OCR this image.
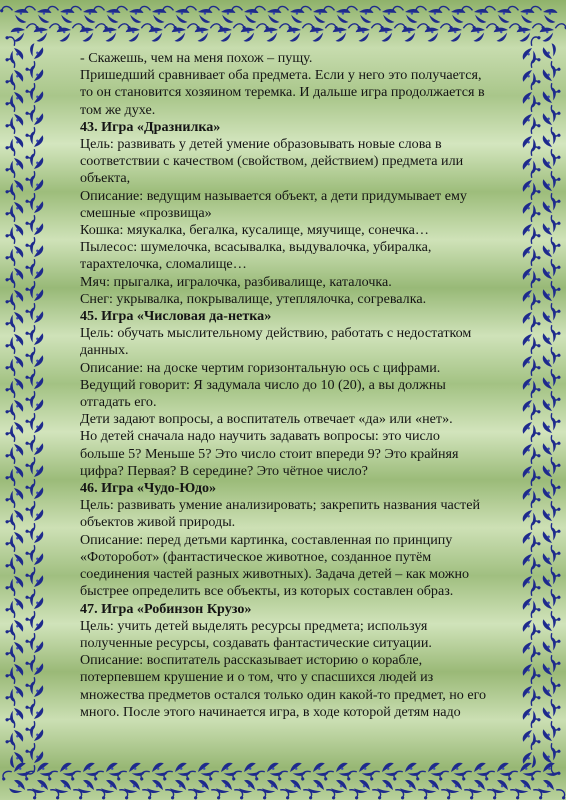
- Скажешь, чем на меня похож – пущу.

Пришедший сравнивает оба предмета. Если у него это получается,

то он становится хозяином теремка. И дальше игра продолжается в

том же духе.

43. Игра «Дразнилка»

Цель: развивать у детей умение образовывать новые слова в

соответствии с качеством (свойством, действием) предмета или

объекта,

Описание: ведущим называется объект, а дети придумывает ему

смешные «прозвища»

Кошка: мяукалка, бегалка, кусалище, мяучище, сонечка…

Пылесос: шумелочка, всасывалка, выдувалочка, убиралка,

тарахтелочка, сломалище…

Мяч: прыгалка, игралочка, разбивалище, каталочка.

Снег: укрывалка, покрывалище, утеплялочка, согревалка.

45. Игра «Числовая да-нетка»

Цель: обучать мыслительному действию, работать с недостатком

данных.

Описание: на доске чертим горизонтальную ось с цифрами.

Ведущий говорит: Я задумала число до 10 (20), а вы должны

отгадать его.

Дети задают вопросы, а воспитатель отвечает «да» или «нет».

Но детей сначала надо научить задавать вопросы: это число

больше 5? Меньше 5? Это число стоит впереди 9? Это крайняя

цифра? Первая? В середине? Это чётное число?

46. Игра «Чудо-Юдо»

Цель: развивать умение анализировать; закрепить названия частей

объектов живой природы.

Описание: перед детьми картинка, составленная по принципу

«Фоторобот» (фантастическое животное, созданное путём

соединения частей разных животных). Задача детей – как можно

быстрее определить все объекты, из которых составлен образ.

47. Игра «Робинзон Крузо»

Цель: учить детей выделять ресурсы предмета; используя

полученные ресурсы, создавать фантастические ситуации.

Описание: воспитатель рассказывает историю о корабле,

потерпевшем крушение и о том, что у спасшихся людей из

множества предметов остался только один какой-то предмет, но его

много. После этого начинается игра, в ходе которой детям надо
